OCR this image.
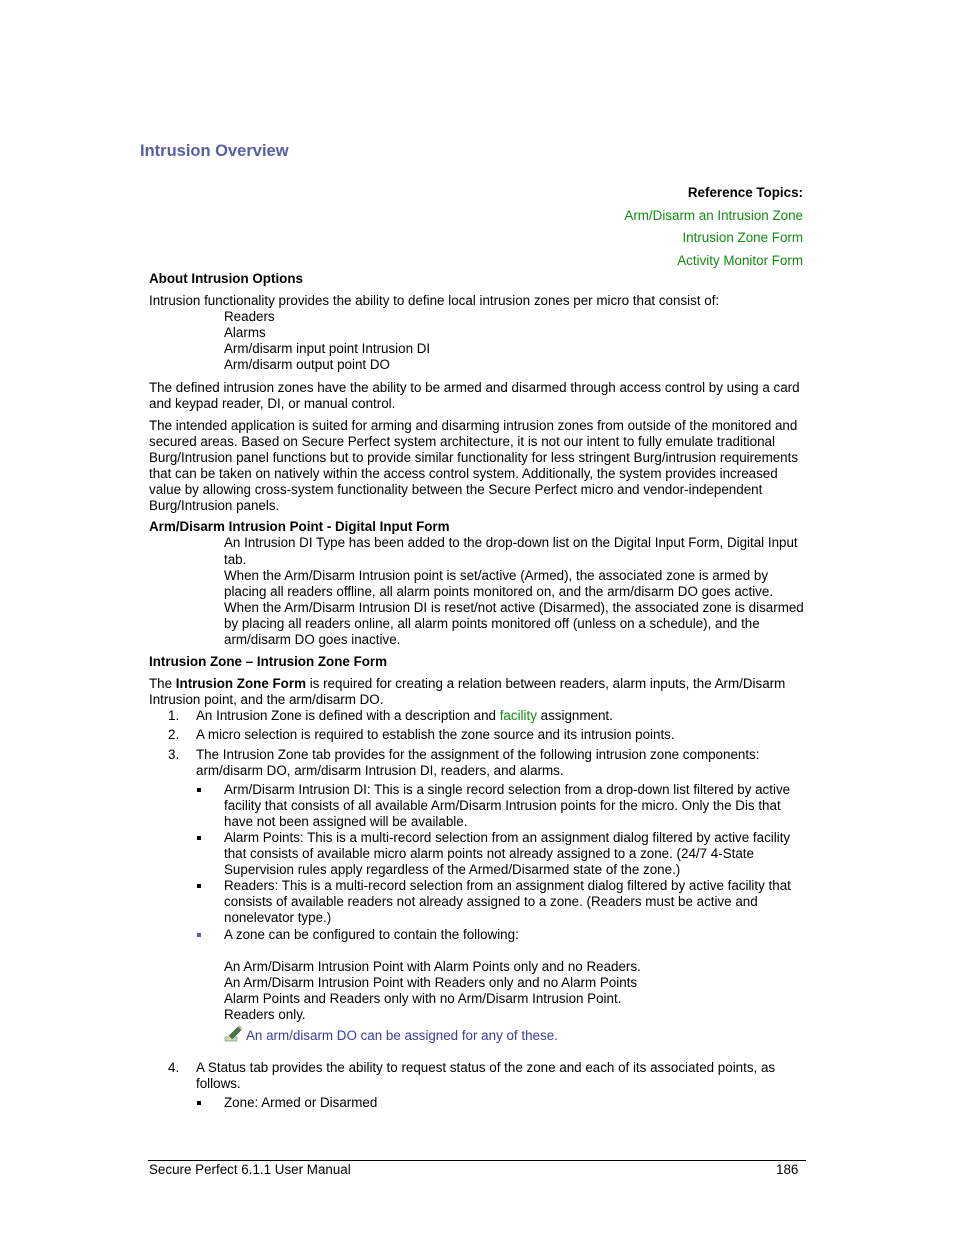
Intrusion Overview
Reference Topics:
Arm/Disarm an Intrusion Zone
Intrusion Zone Form
Activity Monitor Form

About Intrusion Options

Intrusion functionality provides the ability to define local intrusion zones per micro that consist of:

Readers

Alarms

Arm/disarm input point Intrusion DI

Arm/disarm output point DO

The defined intrusion zones have the ability to be armed and disarmed through access control by using a card and keypad reader, DI, or manual control.

The intended application is suited for arming and disarming intrusion zones from outside of the monitored and secured areas. Based on Secure Perfect system architecture, it is not our intent to fully emulate traditional Burg/Intrusion panel functions but to provide similar functionality for less stringent Burg/intrusion requirements that can be taken on natively within the access control system. Additionally, the system provides increased value by allowing cross-system functionality between the Secure Perfect micro and vendor-independent Burg/Intrusion panels.

Arm/Disarm Intrusion Point - Digital Input Form

An Intrusion DI Type has been added to the drop-down list on the Digital Input Form, Digital Input tab.

When the Arm/Disarm Intrusion point is set/active (Armed), the associated zone is armed by placing all readers offline, all alarm points monitored on, and the arm/disarm DO goes active.

When the Arm/Disarm Intrusion DI is reset/not active (Disarmed), the associated zone is disarmed by placing all readers online, all alarm points monitored off (unless on a schedule), and the arm/disarm DO goes inactive.

Intrusion Zone – Intrusion Zone Form

The Intrusion Zone Form is required for creating a relation between readers, alarm inputs, the Arm/Disarm Intrusion point, and the arm/disarm DO.

1. An Intrusion Zone is defined with a description and facility assignment.
2. A micro selection is required to establish the zone source and its intrusion points.
3. The Intrusion Zone tab provides for the assignment of the following intrusion zone components: arm/disarm DO, arm/disarm Intrusion DI, readers, and alarms.
Arm/Disarm Intrusion DI: This is a single record selection from a drop-down list filtered by active facility that consists of all available Arm/Disarm Intrusion points for the micro. Only the Dis that have not been assigned will be available.
Alarm Points: This is a multi-record selection from an assignment dialog filtered by active facility that consists of available micro alarm points not already assigned to a zone. (24/7 4-State Supervision rules apply regardless of the Armed/Disarmed state of the zone.)
Readers: This is a multi-record selection from an assignment dialog filtered by active facility that consists of available readers not already assigned to a zone. (Readers must be active and nonelevator type.)
A zone can be configured to contain the following:

An Arm/Disarm Intrusion Point with Alarm Points only and no Readers.

An Arm/Disarm Intrusion Point with Readers only and no Alarm Points

Alarm Points and Readers only with no Arm/Disarm Intrusion Point.

Readers only.

An arm/disarm DO can be assigned for any of these.

4. A Status tab provides the ability to request status of the zone and each of its associated points, as follows.
Zone: Armed or Disarmed
Secure Perfect 6.1.1 User Manual	186
